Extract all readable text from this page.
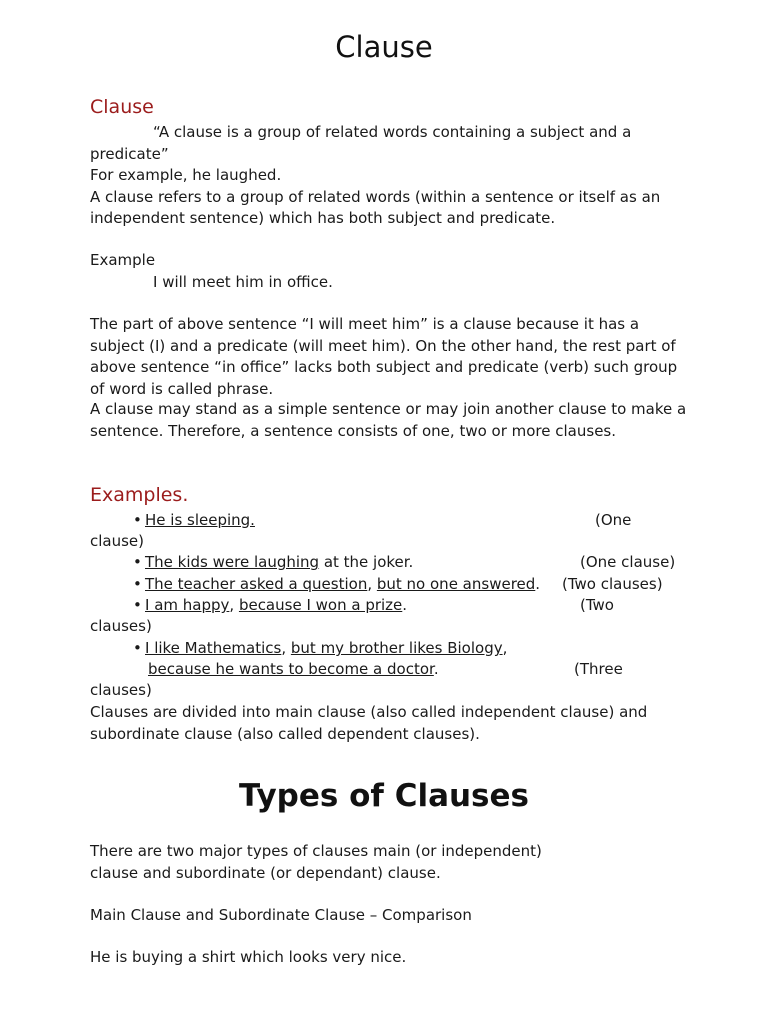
Clause
Clause
“A clause is a group of related words containing a subject and a
predicate”
For example, he laughed.
A clause refers to a group of related words (within a sentence or itself as an independent sentence) which has both subject and predicate.
Example
I will meet him in office.
The part of above sentence “I will meet him” is a clause because it has a subject (I) and a predicate (will meet him). On the other hand, the rest part of above sentence “in office” lacks both subject and predicate (verb) such group of word is called phrase.
A clause may stand as a simple sentence or may join another clause to make a sentence. Therefore, a sentence consists of one, two or more clauses.
Examples.
• He is sleeping.	(One
clause)
• The kids were laughing at the joker.	(One clause)
• The teacher asked a question, but no one answered. (Two clauses)
• I am happy, because I won a prize.	(Two
clauses)
• I like Mathematics, but my brother likes Biology,
because he wants to become a doctor.	(Three
clauses)
Clauses are divided into main clause (also called independent clause) and subordinate clause (also called dependent clauses).
Types of Clauses
There are two major types of clauses main (or independent)
clause and subordinate (or dependant) clause.
Main Clause and Subordinate Clause – Comparison
He is buying a shirt which looks very nice.
